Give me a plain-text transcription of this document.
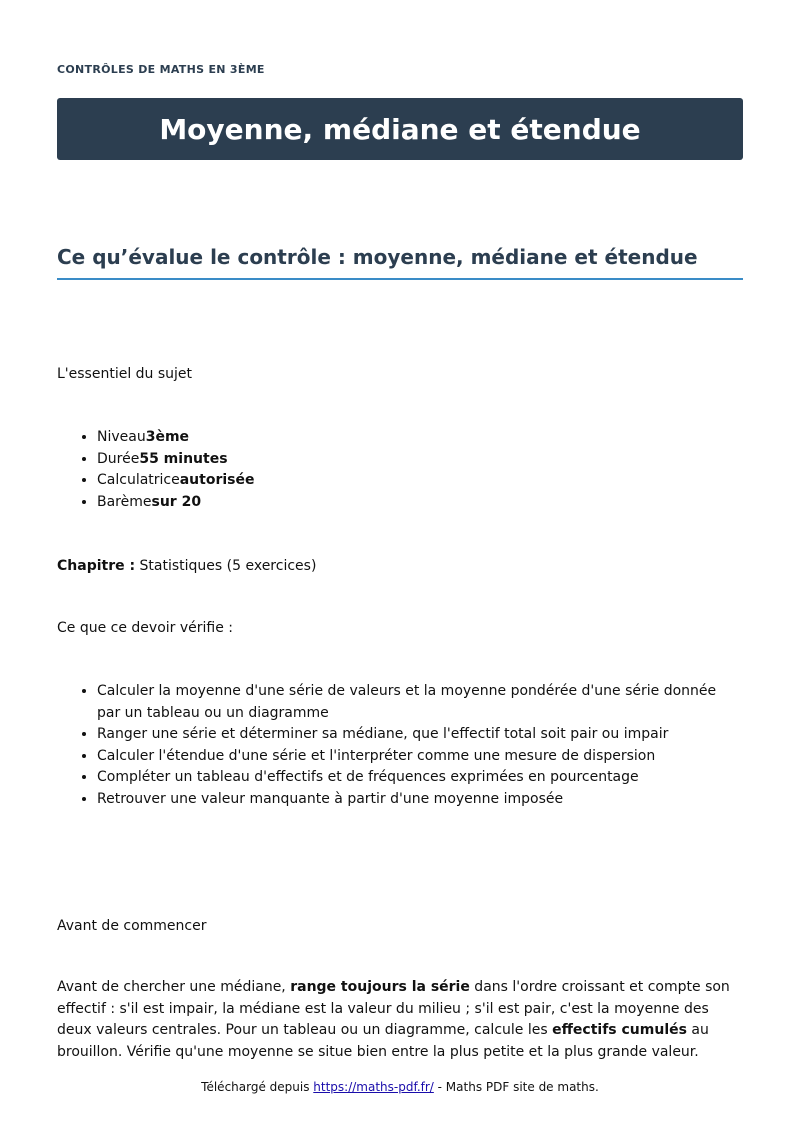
CONTRÔLES DE MATHS EN 3ÈME
Moyenne, médiane et étendue
Ce qu’évalue le contrôle : moyenne, médiane et étendue

L'essentiel du sujet

• Niveau3ème
• Durée55 minutes
• Calculatriceautorisée
• Barèmesur 20

Chapitre : Statistiques (5 exercices)

Ce que ce devoir vérifie :

• Calculer la moyenne d'une série de valeurs et la moyenne pondérée d'une série donnée par un tableau ou un diagramme
• Ranger une série et déterminer sa médiane, que l'effectif total soit pair ou impair
• Calculer l'étendue d'une série et l'interpréter comme une mesure de dispersion
• Compléter un tableau d'effectifs et de fréquences exprimées en pourcentage
• Retrouver une valeur manquante à partir d'une moyenne imposée

Avant de commencer

Avant de chercher une médiane, range toujours la série dans l'ordre croissant et compte son effectif : s'il est impair, la médiane est la valeur du milieu ; s'il est pair, c'est la moyenne des deux valeurs centrales. Pour un tableau ou un diagramme, calcule les effectifs cumulés au brouillon. Vérifie qu'une moyenne se situe bien entre la plus petite et la plus grande valeur.

Téléchargé depuis https://maths-pdf.fr/ - Maths PDF site de maths.
